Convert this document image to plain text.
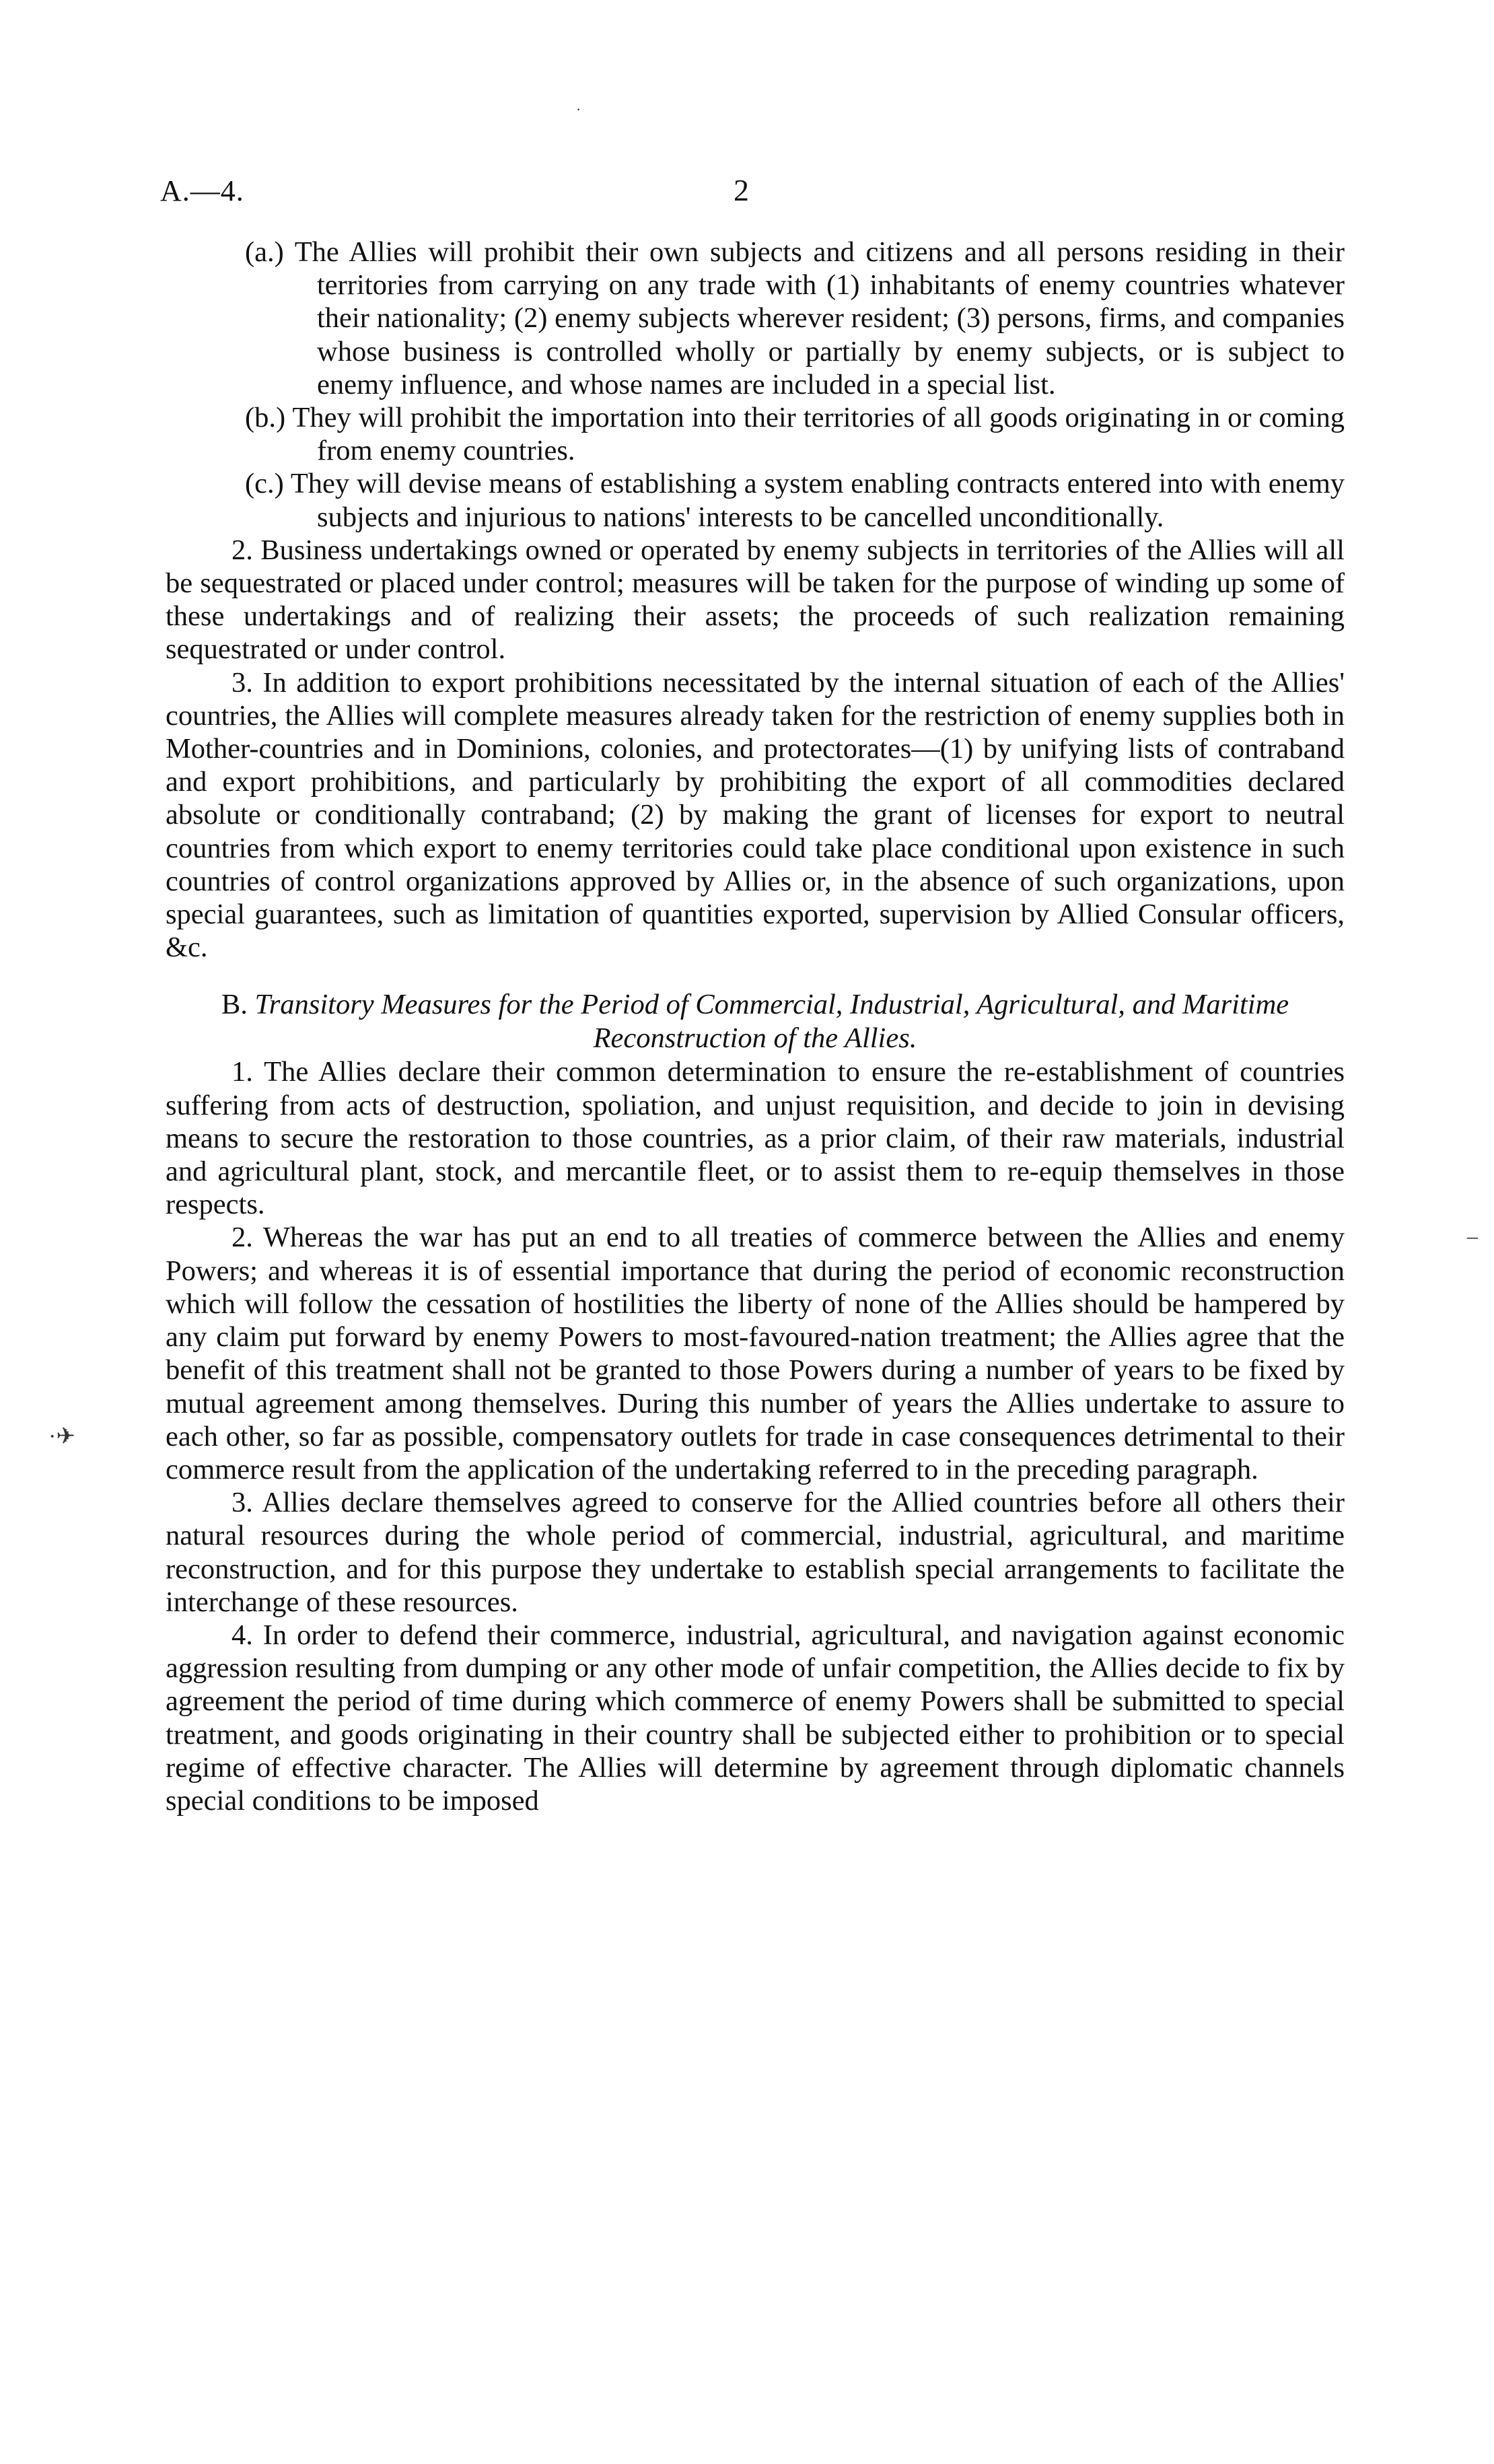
·
–
·✈
A.—4.	2

(a.) The Allies will prohibit their own subjects and citizens and all persons residing in their territories from carrying on any trade with (1) inhabitants of enemy countries whatever their nationality; (2) enemy subjects wherever resident; (3) persons, firms, and companies whose business is controlled wholly or partially by enemy subjects, or is subject to enemy influence, and whose names are included in a special list.

(b.) They will prohibit the importation into their territories of all goods originating in or coming from enemy countries.

(c.) They will devise means of establishing a system enabling contracts entered into with enemy subjects and injurious to nations' interests to be cancelled unconditionally.

2. Business undertakings owned or operated by enemy subjects in territories of the Allies will all be sequestrated or placed under control; measures will be taken for the purpose of winding up some of these undertakings and of realizing their assets; the proceeds of such realization remaining sequestrated or under control.

3. In addition to export prohibitions necessitated by the internal situation of each of the Allies' countries, the Allies will complete measures already taken for the restriction of enemy supplies both in Mother-countries and in Dominions, colonies, and protectorates—(1) by unifying lists of contraband and export prohibitions, and particularly by prohibiting the export of all commodities declared absolute or conditionally contraband; (2) by making the grant of licenses for export to neutral countries from which export to enemy territories could take place conditional upon existence in such countries of control organizations approved by Allies or, in the absence of such organizations, upon special guarantees, such as limitation of quantities exported, supervision by Allied Consular officers, &c.

B. Transitory Measures for the Period of Commercial, Industrial, Agricultural, and Maritime Reconstruction of the Allies.

1. The Allies declare their common determination to ensure the re-establishment of countries suffering from acts of destruction, spoliation, and unjust requisition, and decide to join in devising means to secure the restoration to those countries, as a prior claim, of their raw materials, industrial and agricultural plant, stock, and mercantile fleet, or to assist them to re-equip themselves in those respects.

2. Whereas the war has put an end to all treaties of commerce between the Allies and enemy Powers; and whereas it is of essential importance that during the period of economic reconstruction which will follow the cessation of hostilities the liberty of none of the Allies should be hampered by any claim put forward by enemy Powers to most-favoured-nation treatment; the Allies agree that the benefit of this treatment shall not be granted to those Powers during a number of years to be fixed by mutual agreement among themselves. During this number of years the Allies undertake to assure to each other, so far as possible, compensatory outlets for trade in case consequences detrimental to their commerce result from the application of the undertaking referred to in the preceding paragraph.

3. Allies declare themselves agreed to conserve for the Allied countries before all others their natural resources during the whole period of commercial, industrial, agricultural, and maritime reconstruction, and for this purpose they undertake to establish special arrangements to facilitate the interchange of these resources.

4. In order to defend their commerce, industrial, agricultural, and navigation against economic aggression resulting from dumping or any other mode of unfair competition, the Allies decide to fix by agreement the period of time during which commerce of enemy Powers shall be submitted to special treatment, and goods originating in their country shall be subjected either to prohibition or to special regime of effective character. The Allies will determine by agreement through diplomatic channels special conditions to be imposed
